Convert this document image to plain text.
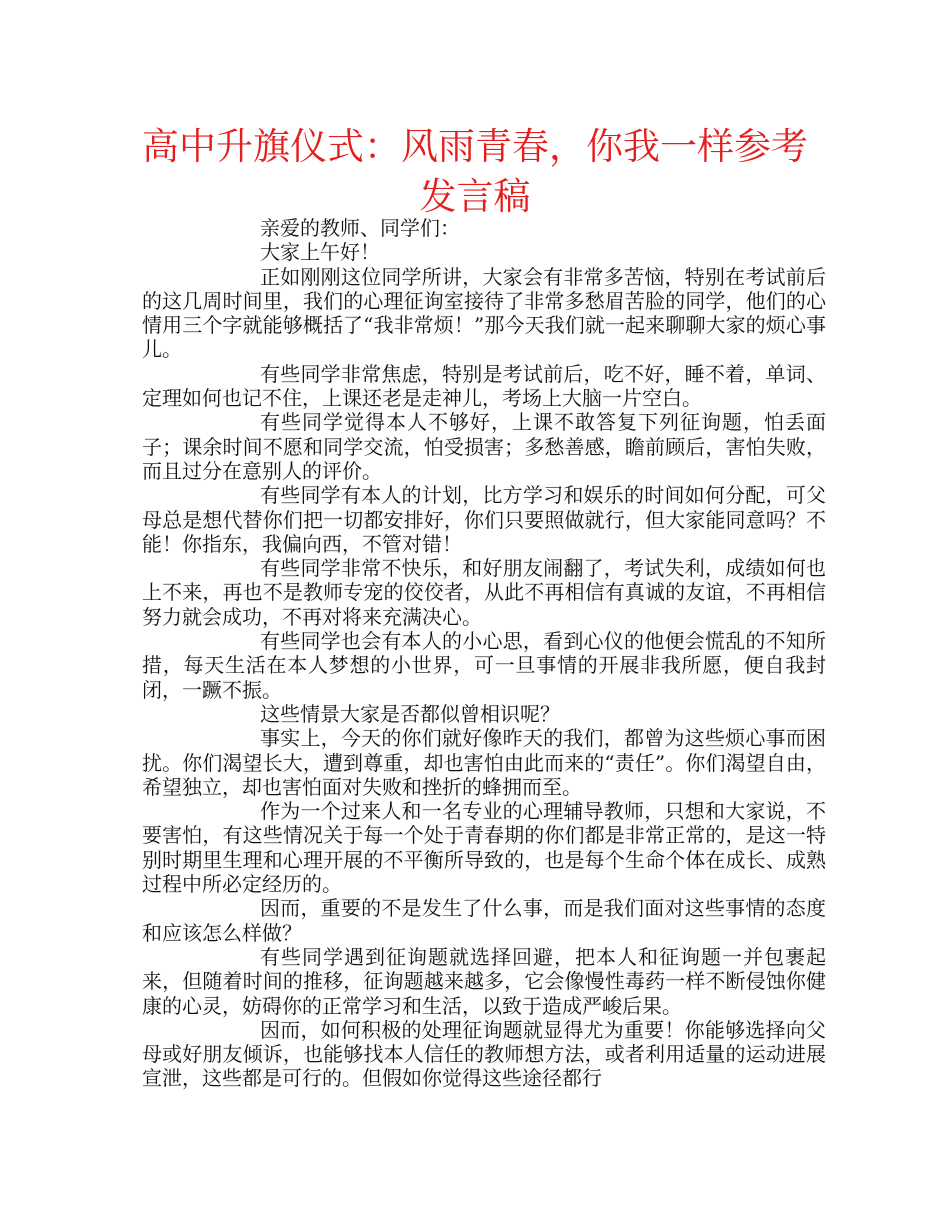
高中升旗仪式：风雨青春，你我一样参考发言稿

亲爱的教师、同学们：

大家上午好！

正如刚刚这位同学所讲，大家会有非常多苦恼，特别在考试前后的这几周时间里，我们的心理征询室接待了非常多愁眉苦脸的同学，他们的心情用三个字就能够概括了“我非常烦！”那今天我们就一起来聊聊大家的烦心事儿。

有些同学非常焦虑，特别是考试前后，吃不好，睡不着，单词、定理如何也记不住，上课还老是走神儿，考场上大脑一片空白。

有些同学觉得本人不够好，上课不敢答复下列征询题，怕丢面子；课余时间不愿和同学交流，怕受损害；多愁善感，瞻前顾后，害怕失败，而且过分在意别人的评价。

有些同学有本人的计划，比方学习和娱乐的时间如何分配，可父母总是想代替你们把一切都安排好，你们只要照做就行，但大家能同意吗？不能！你指东，我偏向西，不管对错！

有些同学非常不快乐，和好朋友闹翻了，考试失利，成绩如何也上不来，再也不是教师专宠的佼佼者，从此不再相信有真诚的友谊，不再相信努力就会成功，不再对将来充满决心。

有些同学也会有本人的小心思，看到心仪的他便会慌乱的不知所措，每天生活在本人梦想的小世界，可一旦事情的开展非我所愿，便自我封闭，一蹶不振。

这些情景大家是否都似曾相识呢？

事实上，今天的你们就好像昨天的我们，都曾为这些烦心事而困扰。你们渴望长大，遭到尊重，却也害怕由此而来的“责任”。你们渴望自由，希望独立，却也害怕面对失败和挫折的蜂拥而至。

作为一个过来人和一名专业的心理辅导教师，只想和大家说，不要害怕，有这些情况关于每一个处于青春期的你们都是非常正常的，是这一特别时期里生理和心理开展的不平衡所导致的，也是每个生命个体在成长、成熟过程中所必定经历的。

因而，重要的不是发生了什么事，而是我们面对这些事情的态度和应该怎么样做？

有些同学遇到征询题就选择回避，把本人和征询题一并包裹起来，但随着时间的推移，征询题越来越多，它会像慢性毒药一样不断侵蚀你健康的心灵，妨碍你的正常学习和生活，以致于造成严峻后果。

因而，如何积极的处理征询题就显得尤为重要！你能够选择向父母或好朋友倾诉，也能够找本人信任的教师想方法，或者利用适量的运动进展宣泄，这些都是可行的。但假如你觉得这些途径都行
